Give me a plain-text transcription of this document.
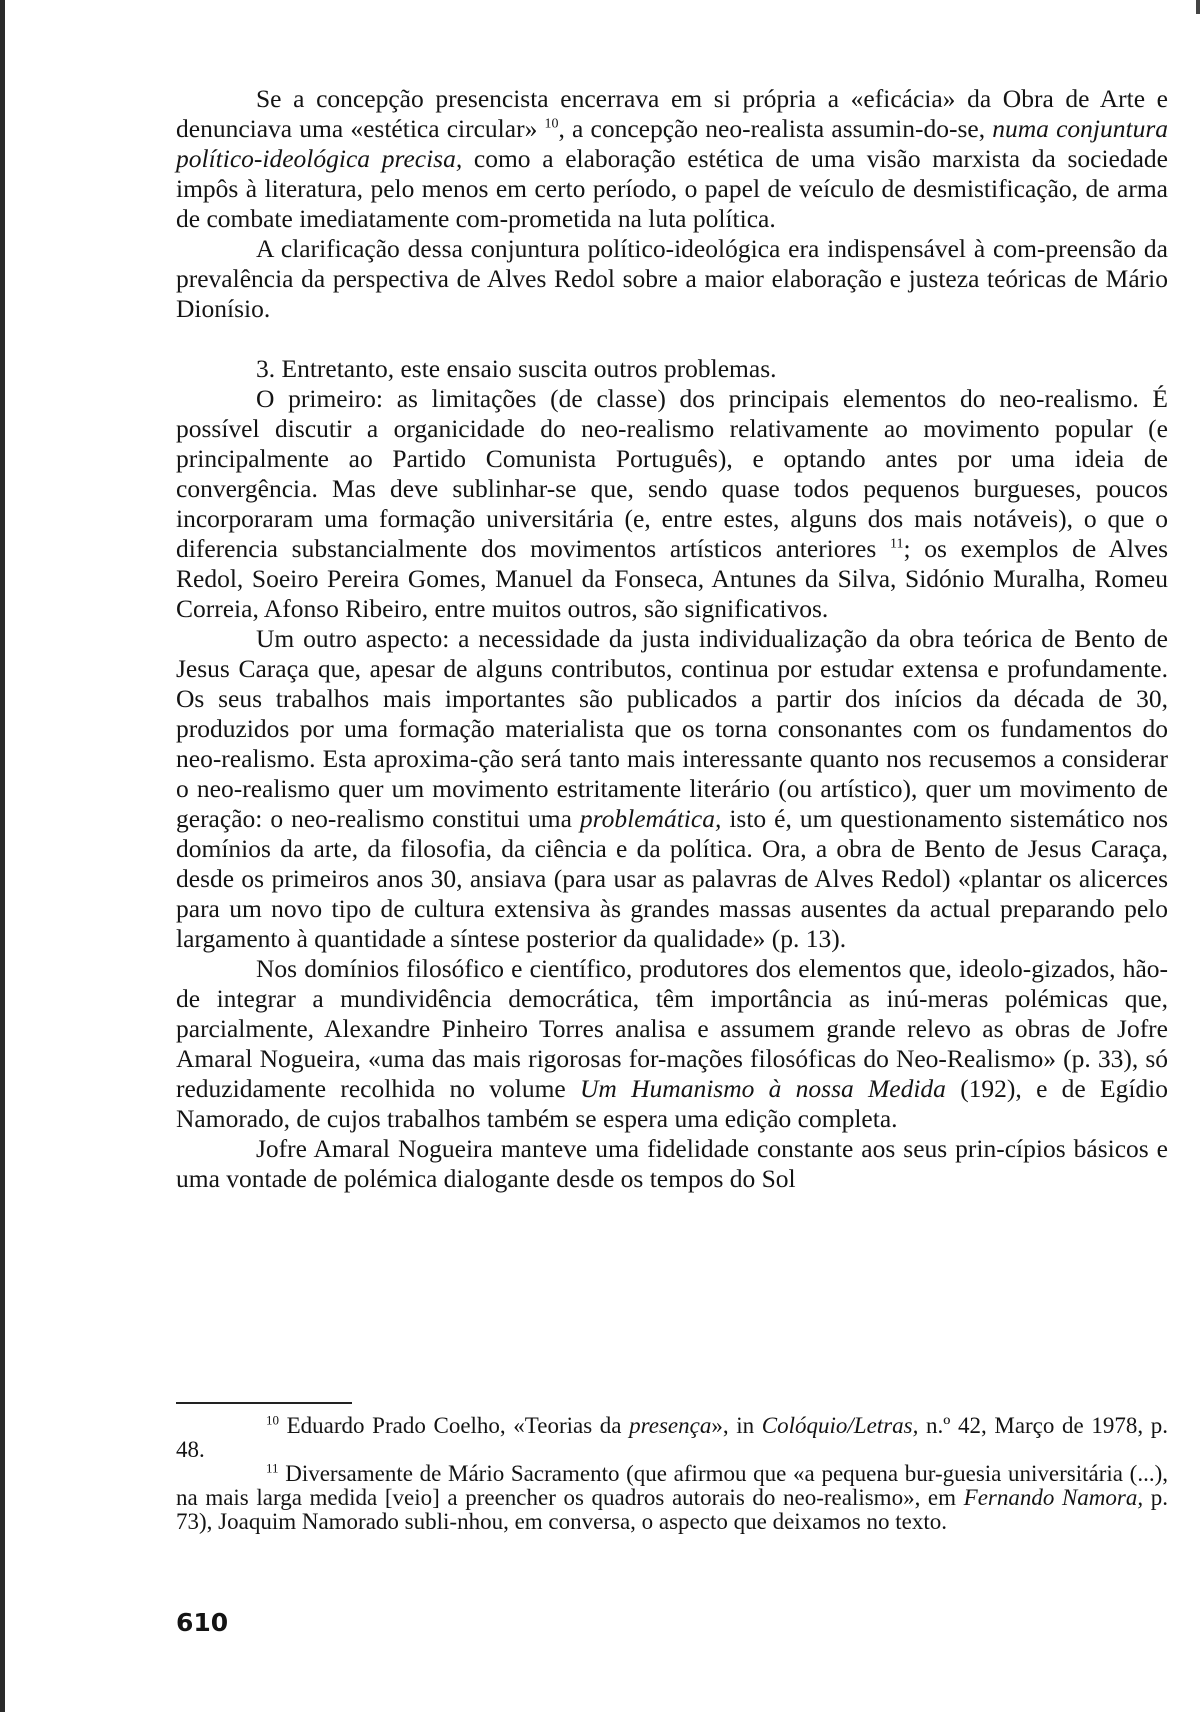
Se a concepção presencista encerrava em si própria a «eficácia» da Obra de Arte e denunciava uma «estética circular» $^{10}$, a concepção neo-realista assumin-do-se, numa conjuntura político-ideológica precisa, como a elaboração estética de uma visão marxista da sociedade impôs à literatura, pelo menos em certo período, o papel de veículo de desmistificação, de arma de combate imediatamente com-prometida na luta política.

A clarificação dessa conjuntura político-ideológica era indispensável à com-preensão da prevalência da perspectiva de Alves Redol sobre a maior elaboração e justeza teóricas de Mário Dionísio.

3. Entretanto, este ensaio suscita outros problemas.

O primeiro: as limitações (de classe) dos principais elementos do neo-realismo. É possível discutir a organicidade do neo-realismo relativamente ao movimento popular (e principalmente ao Partido Comunista Português), e optando antes por uma ideia de convergência. Mas deve sublinhar-se que, sendo quase todos pequenos burgueses, poucos incorporaram uma formação universitária (e, entre estes, alguns dos mais notáveis), o que o diferencia substancialmente dos movimentos artísticos anteriores $^{11}$; os exemplos de Alves Redol, Soeiro Pereira Gomes, Manuel da Fonseca, Antunes da Silva, Sidónio Muralha, Romeu Correia, Afonso Ribeiro, entre muitos outros, são significativos.

Um outro aspecto: a necessidade da justa individualização da obra teórica de Bento de Jesus Caraça que, apesar de alguns contributos, continua por estudar extensa e profundamente. Os seus trabalhos mais importantes são publicados a partir dos inícios da década de 30, produzidos por uma formação materialista que os torna consonantes com os fundamentos do neo-realismo. Esta aproxima-ção será tanto mais interessante quanto nos recusemos a considerar o neo-realismo quer um movimento estritamente literário (ou artístico), quer um movimento de geração: o neo-realismo constitui uma problemática, isto é, um questionamento sistemático nos domínios da arte, da filosofia, da ciência e da política. Ora, a obra de Bento de Jesus Caraça, desde os primeiros anos 30, ansiava (para usar as palavras de Alves Redol) «plantar os alicerces para um novo tipo de cultura extensiva às grandes massas ausentes da actual preparando pelo largamento à quantidade a síntese posterior da qualidade» (p. 13).

Nos domínios filosófico e científico, produtores dos elementos que, ideolo-gizados, hão-de integrar a mundividência democrática, têm importância as inú-meras polémicas que, parcialmente, Alexandre Pinheiro Torres analisa e assumem grande relevo as obras de Jofre Amaral Nogueira, «uma das mais rigorosas for-mações filosóficas do Neo-Realismo» (p. 33), só reduzidamente recolhida no volume Um Humanismo à nossa Medida (192), e de Egídio Namorado, de cujos trabalhos também se espera uma edição completa.

Jofre Amaral Nogueira manteve uma fidelidade constante aos seus prin-cípios básicos e uma vontade de polémica dialogante desde os tempos do Sol

$^{10}$ Eduardo Prado Coelho, «Teorias da presença», in Colóquio/Letras, n.º 42, Março de 1978, p. 48.

$^{11}$ Diversamente de Mário Sacramento (que afirmou que «a pequena bur-guesia universitária (...), na mais larga medida [veio] a preencher os quadros autorais do neo-realismo», em Fernando Namora, p. 73), Joaquim Namorado subli-nhou, em conversa, o aspecto que deixamos no texto.

610
